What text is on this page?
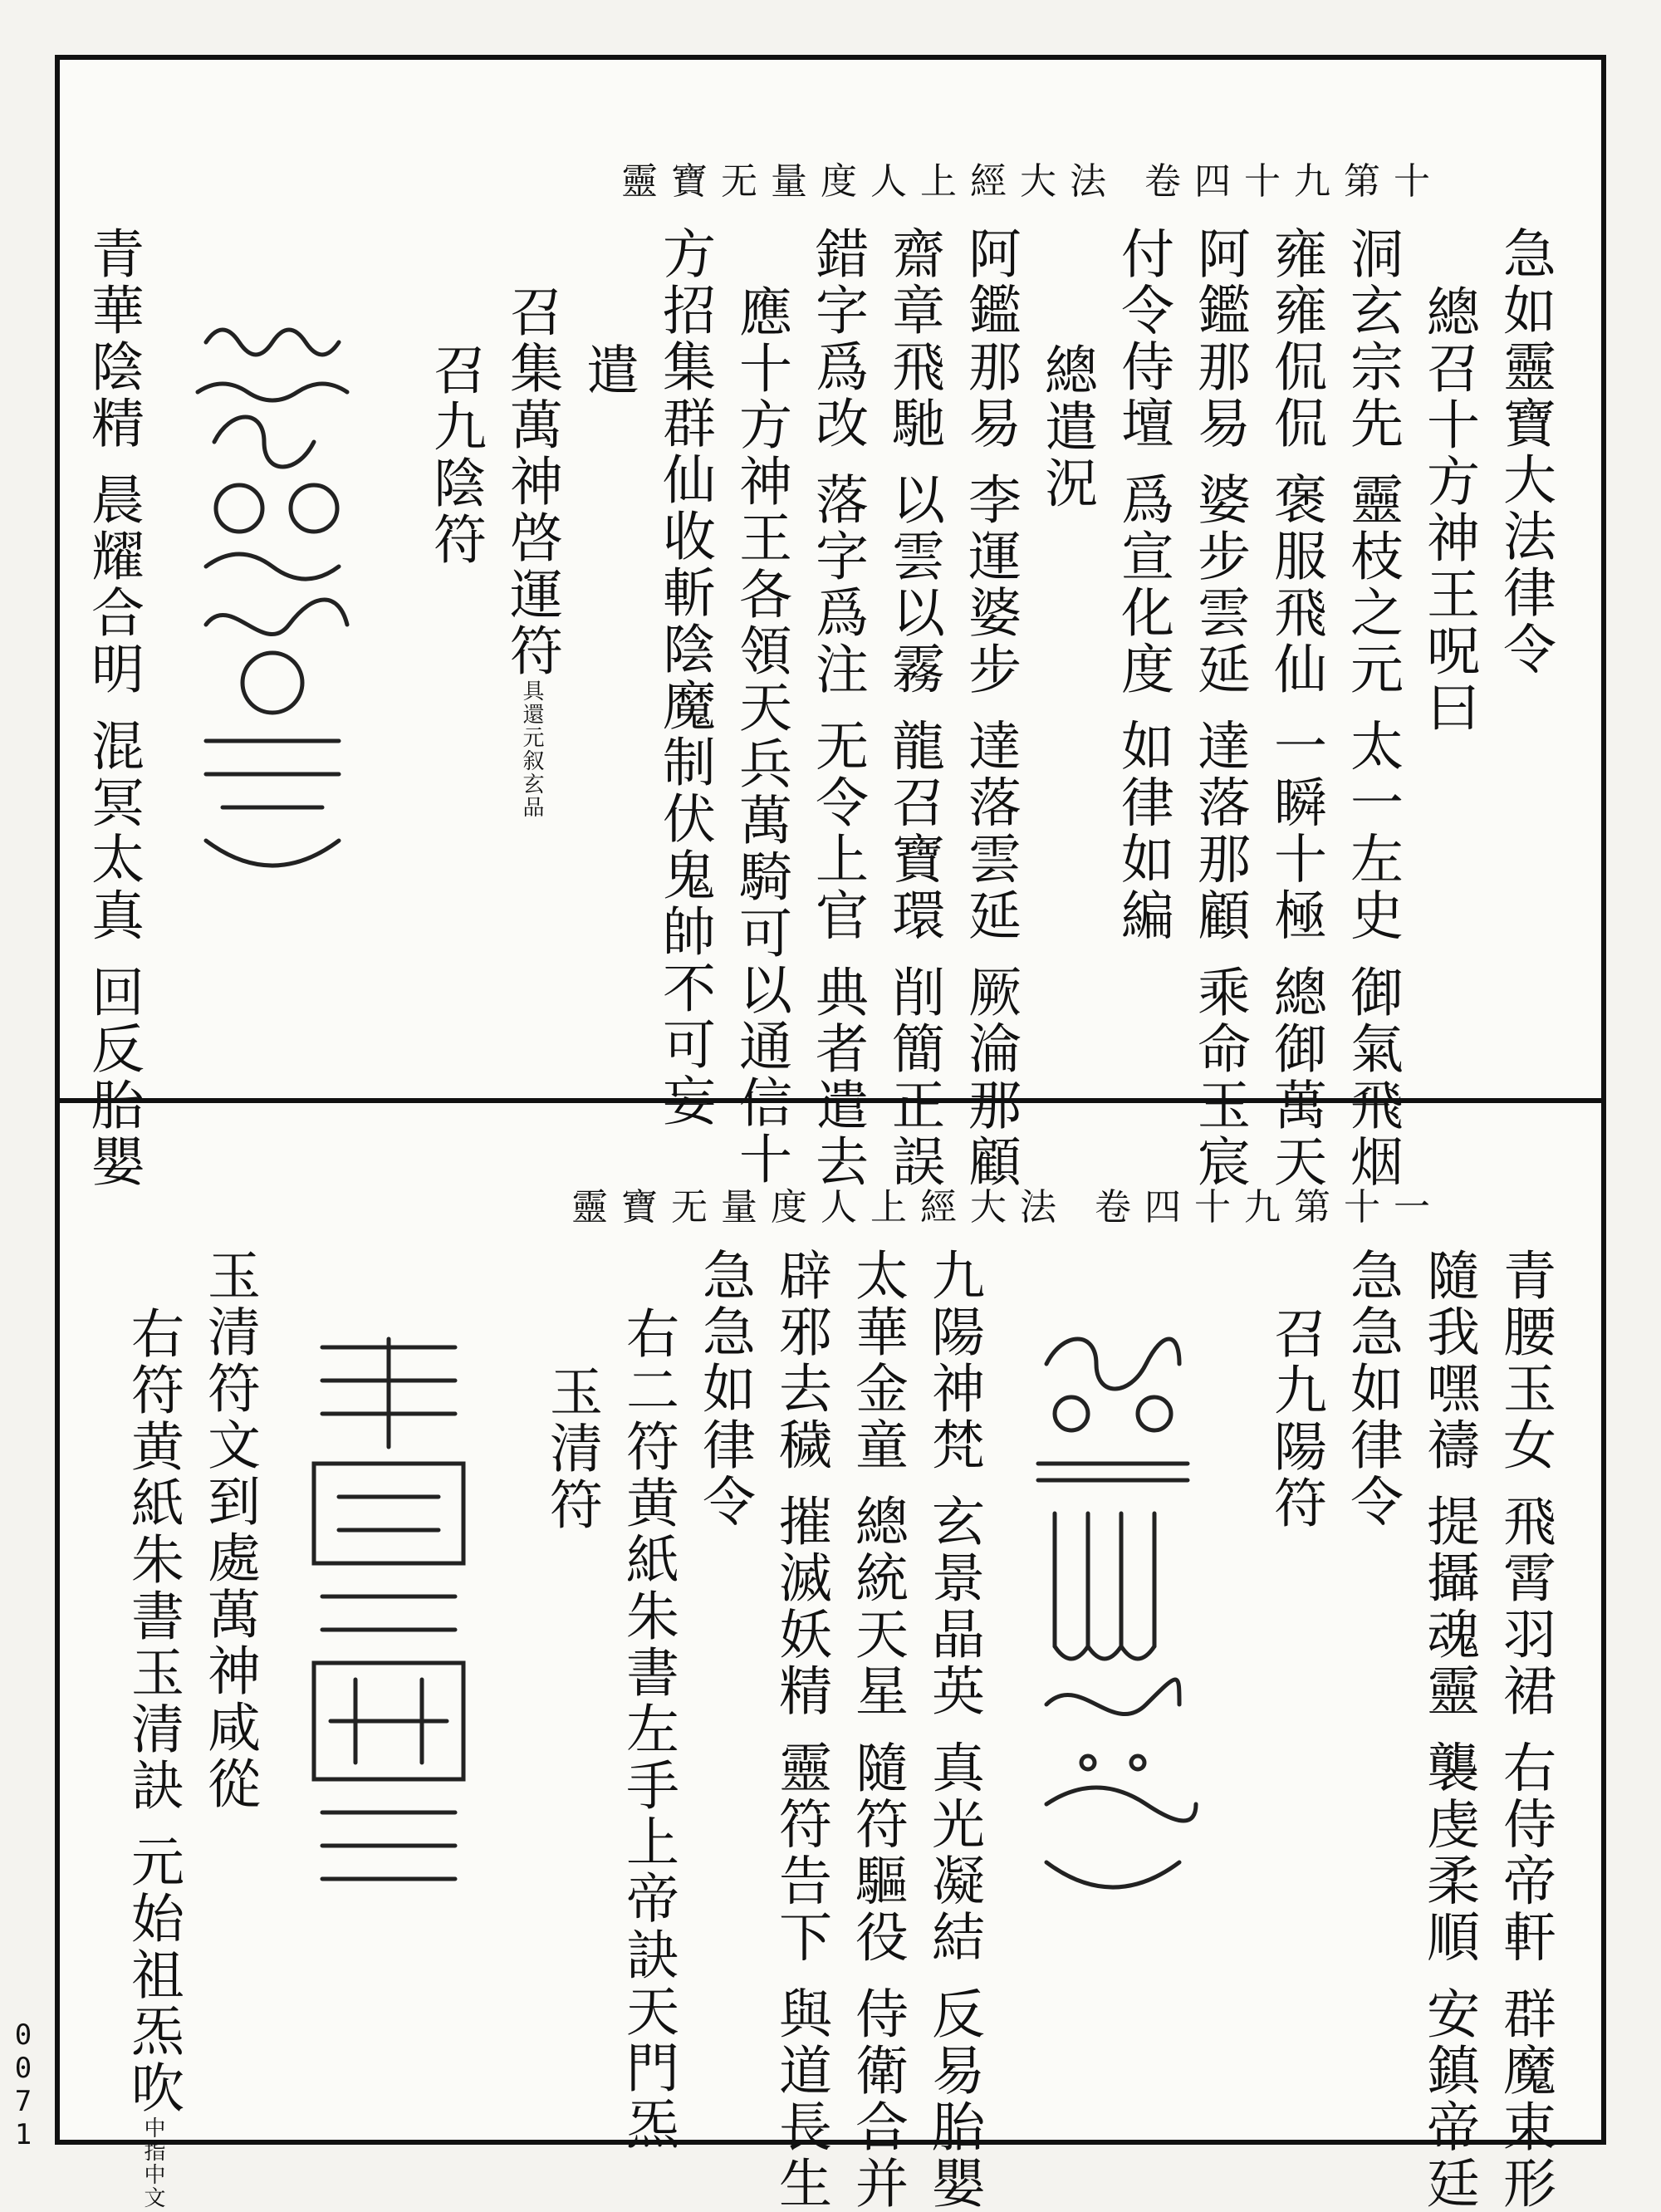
靈寶无量度人上經大法 卷四十九第十
急如靈寶大法律令
總召十方神王呪曰
洞玄宗先 靈枝之元 太一左史 御氣飛烟
雍雍侃侃 褒服飛仙 一瞬十極 總御萬天
阿鑑那易 婆步雲延 達落那顧 乘命玉宸
付令侍壇 爲宣化度 如律如編
總遣況
阿鑑那易 李運婆步 達落雲延 厥淪那顧
齋章飛馳 以雲以霧 龍召寶環 削簡正誤
錯字爲改 落字爲注 无令上官 典者遣去
應十方神王各領天兵萬騎可以通信十
方招集群仙收斬陰魔制伏鬼帥不可妄
遣
召集萬神啓運符具還元叙玄品
召九陰符
青華陰精 晨耀合明 混冥太真 回反胎嬰
靈寶无量度人上經大法 卷四十九第十一
青腰玉女 飛霄羽裙 右侍帝軒 群魔束形
隨我嘿禱 提攝魂靈 襲虔柔順 安鎮帝廷
急急如律令
召九陽符
九陽神梵 玄景晶英 真光凝結 反易胎嬰
太華金童 總統天星 隨符驅役 侍衛合并
辟邪去穢 摧滅妖精 靈符告下 與道長生
急急如律令
右二符黄紙朱書左手上帝訣天門炁
玉清符
玉清符文到處萬神咸從
右符黄紙朱書玉清訣 元始祖炁吹中指中文
0071
